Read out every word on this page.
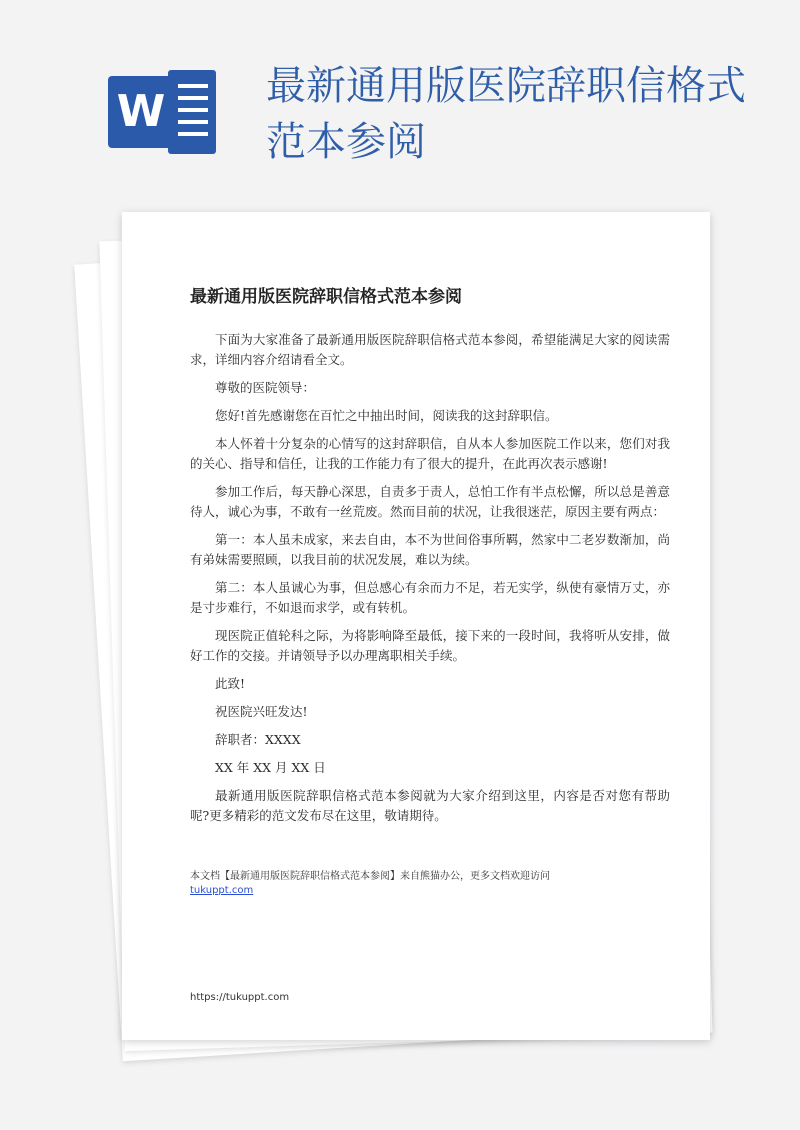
W	最新通用版医院辞职信格式范本参阅
最新通用版医院辞职信格式范本参阅

下面为大家准备了最新通用版医院辞职信格式范本参阅，希望能满足大家的阅读需求，详细内容介绍请看全文。

尊敬的医院领导：

您好!首先感谢您在百忙之中抽出时间，阅读我的这封辞职信。

本人怀着十分复杂的心情写的这封辞职信，自从本人参加医院工作以来，您们对我的关心、指导和信任，让我的工作能力有了很大的提升，在此再次表示感谢!

参加工作后，每天静心深思，自责多于责人，总怕工作有半点松懈，所以总是善意待人，诚心为事，不敢有一丝荒废。然而目前的状况，让我很迷茫，原因主要有两点：

第一：本人虽未成家，来去自由，本不为世间俗事所羁，然家中二老岁数渐加，尚有弟妹需要照顾，以我目前的状况发展，难以为续。

第二：本人虽诚心为事，但总感心有余而力不足，若无实学，纵使有豪情万丈，亦是寸步难行，不如退而求学，或有转机。

现医院正值轮科之际，为将影响降至最低，接下来的一段时间，我将听从安排，做好工作的交接。并请领导予以办理离职相关手续。

此致!

祝医院兴旺发达!

辞职者：XXXX

XX 年 XX 月 XX 日

最新通用版医院辞职信格式范本参阅就为大家介绍到这里，内容是否对您有帮助呢?更多精彩的范文发布尽在这里，敬请期待。

本文档【最新通用版医院辞职信格式范本参阅】来自熊猫办公，更多文档欢迎访问
tukuppt.com
https://tukuppt.com
